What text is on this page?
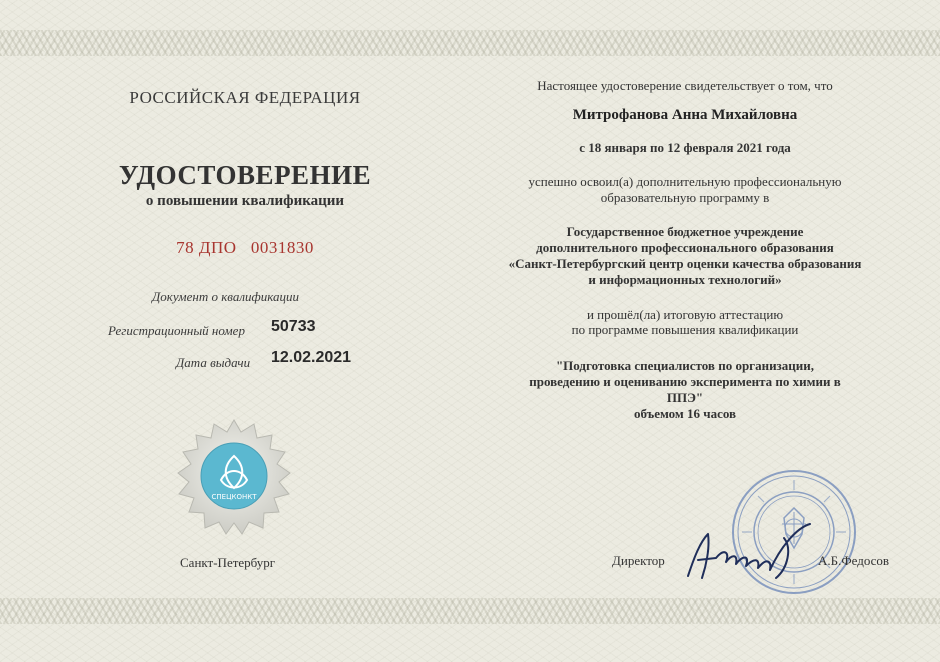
РОССИЙСКАЯ ФЕДЕРАЦИЯ
УДОСТОВЕРЕНИЕ
о повышении квалификации
78 ДПО   0031830
Документ о квалификации
Регистрационный номер 50733
Дата выдачи 12.02.2021
СПЕЦКОНКТ
Санкт-Петербург
Настоящее удостоверение свидетельствует о том, что
Митрофанова Анна Михайловна
с 18 января по 12 февраля 2021 года
успешно освоил(а) дополнительную профессиональную
образовательную программу в
Государственное бюджетное учреждение
дополнительного профессионального образования
«Санкт-Петербургский центр оценки качества образования
и информационных технологий»
и прошёл(ла) итоговую аттестацию
по программе повышения квалификации
"Подготовка специалистов по организации,
проведению и оцениванию эксперимента по химии в
ППЭ"
объемом 16 часов
Директор	А.Б.Федосов
